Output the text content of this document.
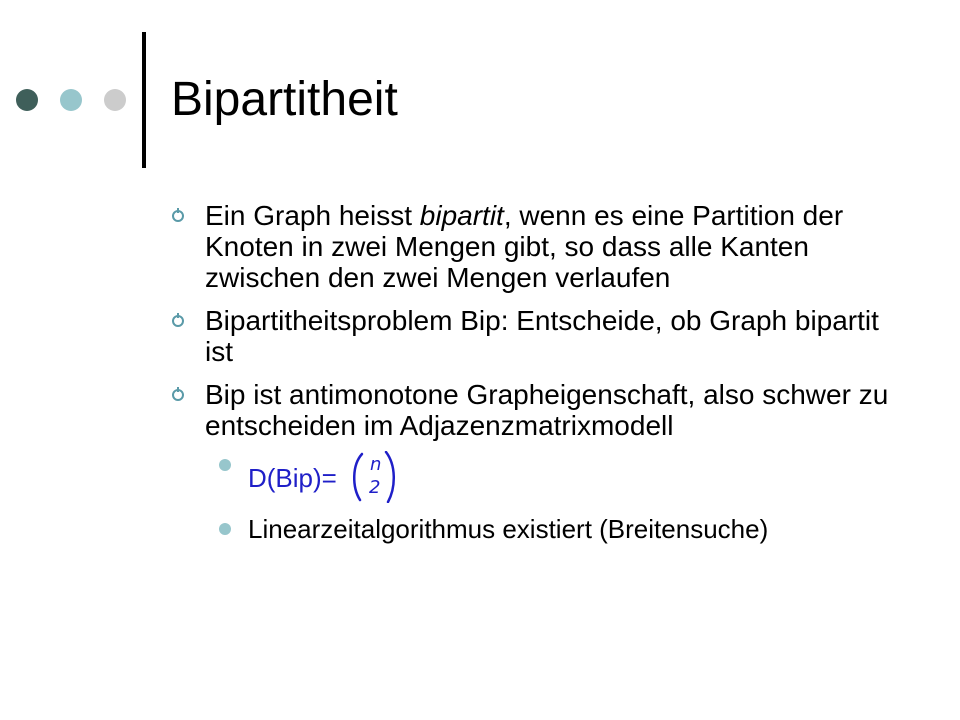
Bipartitheit
Ein Graph heisst bipartit, wenn es eine Partition der Knoten in zwei Mengen gibt, so dass alle Kanten zwischen den zwei Mengen verlaufen
Bipartitheitsproblem Bip: Entscheide, ob Graph bipartit ist
Bip ist antimonotone Grapheigenschaft, also schwer zu entscheiden im Adjazenzmatrixmodell
D(Bip)= n
2
Linearzeitalgorithmus existiert (Breitensuche)
